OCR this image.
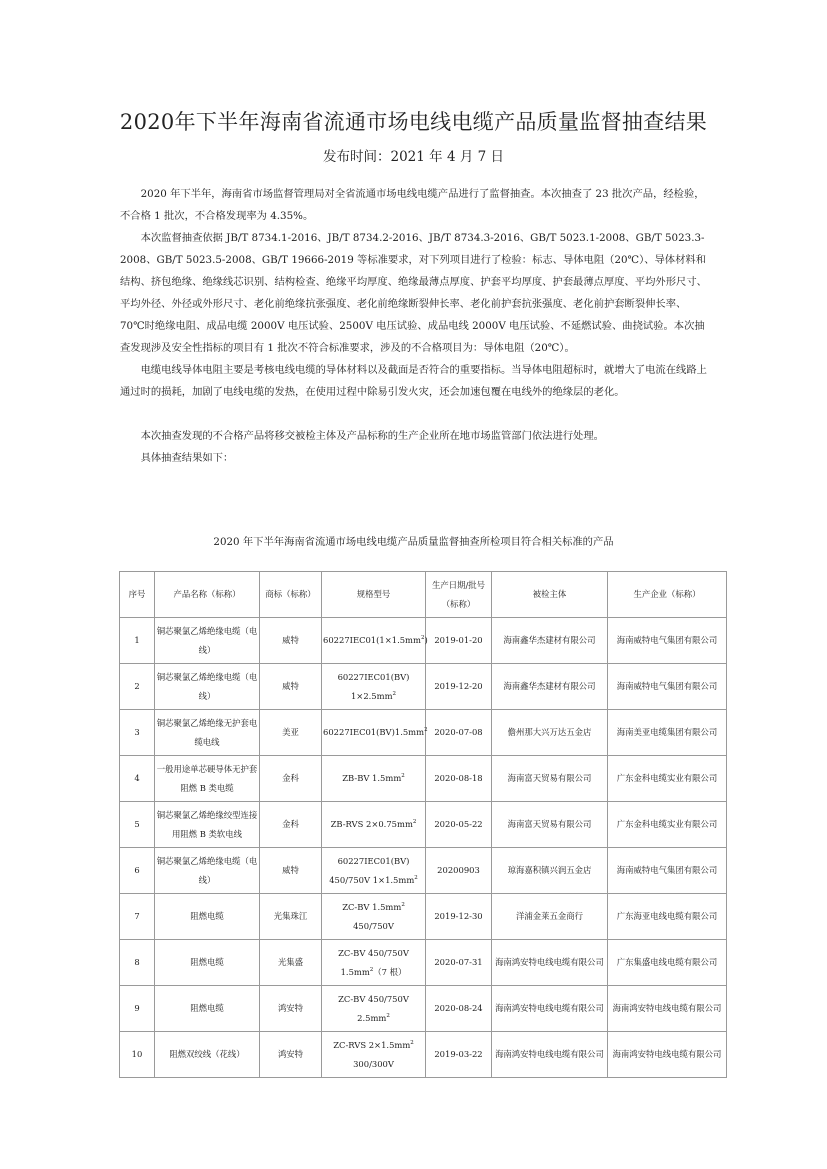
2020年下半年海南省流通市场电线电缆产品质量监督抽查结果
发布时间：2021 年 4 月 7 日

2020 年下半年，海南省市场监督管理局对全省流通市场电线电缆产品进行了监督抽查。本次抽查了 23 批次产品，经检验，不合格 1 批次，不合格发现率为 4.35%。

本次监督抽查依据 JB/T 8734.1-2016、JB/T 8734.2-2016、JB/T 8734.3-2016、GB/T 5023.1-2008、GB/T 5023.3-2008、GB/T 5023.5-2008、GB/T 19666-2019 等标准要求，对下列项目进行了检验：标志、导体电阻（20℃）、导体材料和结构、挤包绝缘、绝缘线芯识别、结构检查、绝缘平均厚度、绝缘最薄点厚度、护套平均厚度、护套最薄点厚度、平均外形尺寸、平均外径、外径或外形尺寸、老化前绝缘抗张强度、老化前绝缘断裂伸长率、老化前护套抗张强度、老化前护套断裂伸长率、70℃时绝缘电阻、成品电缆 2000V 电压试验、2500V 电压试验、成品电线 2000V 电压试验、不延燃试验、曲挠试验。本次抽查发现涉及安全性指标的项目有 1 批次不符合标准要求，涉及的不合格项目为：导体电阻（20℃）。

电缆电线导体电阻主要是考核电线电缆的导体材料以及截面是否符合的重要指标。当导体电阻超标时，就增大了电流在线路上通过时的损耗，加剧了电线电缆的发热，在使用过程中除易引发火灾，还会加速包覆在电线外的绝缘层的老化。

本次抽查发现的不合格产品将移交被检主体及产品标称的生产企业所在地市场监管部门依法进行处理。

具体抽查结果如下：

2020 年下半年海南省流通市场电线电缆产品质量监督抽查所检项目符合相关标准的产品
序号	产品名称（标称）	商标（标称）	规格型号	生产日期/批号（标称）	被检主体	生产企业（标称）
1	铜芯聚氯乙烯绝缘电缆（电线）	威特	$60227IEC01(1\times 1.5mm^2)$	2019-01-20	海南鑫华杰建材有限公司	海南威特电气集团有限公司
2	铜芯聚氯乙烯绝缘电缆（电线）	威特	60227IEC01(BV) $1\times 2.5mm^2$	2019-12-20	海南鑫华杰建材有限公司	海南威特电气集团有限公司
3	铜芯聚氯乙烯绝缘无护套电缆电线	美亚	$60227IEC01(BV)1.5mm^2$	2020-07-08	儋州那大兴万达五金店	海南美亚电缆集团有限公司
4	一般用途单芯硬导体无护套阻燃 B 类电缆	金科	ZB-BV $1.5mm^2$	2020-08-18	海南富天贸易有限公司	广东金科电缆实业有限公司
5	铜芯聚氯乙烯绝缘绞型连接用阻燃 B 类软电线	金科	ZB-RVS $2\times 0.75mm^2$	2020-05-22	海南富天贸易有限公司	广东金科电缆实业有限公司
6	铜芯聚氯乙烯绝缘电缆（电线）	威特	60227IEC01(BV) 450/750V $1\times 1.5mm^2$	20200903	琼海嘉积镇兴润五金店	海南威特电气集团有限公司
7	阻燃电缆	光集珠江	ZC-BV $1.5mm^2$ 450/750V	2019-12-30	洋浦金莱五金商行	广东海亚电线电缆有限公司
8	阻燃电缆	光集盛	ZC-BV 450/750V $1.5mm^2(7$ 根）	2020-07-31	海南鸿安特电线电缆有限公司	广东集盛电线电缆有限公司
9	阻燃电缆	鸿安特	ZC-BV 450/750V $2.5mm^2$	2020-08-24	海南鸿安特电线电缆有限公司	海南鸿安特电线电缆有限公司
10	阻燃双绞线（花线）	鸿安特	ZC-RVS $2\times 1.5mm^2$ 300/300V	2019-03-22	海南鸿安特电线电缆有限公司	海南鸿安特电线电缆有限公司
